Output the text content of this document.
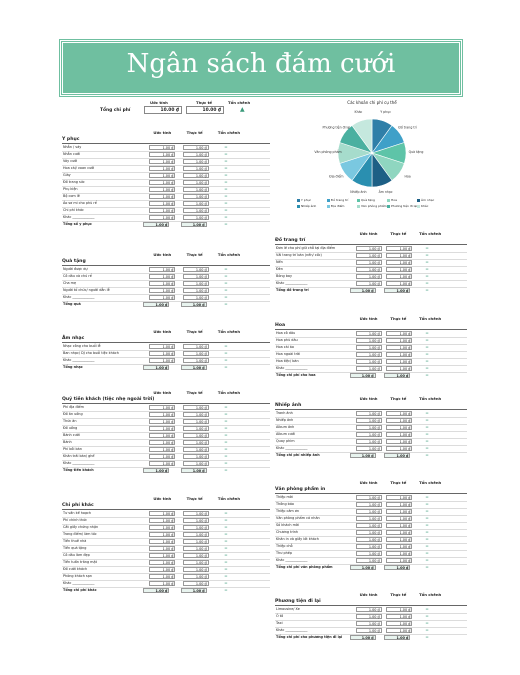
Ngân sách đám cưới
Ước tính	Thực tế	Tổn chênh
Tổng chi phí	10.00 ₫	10.00 ₫	▲
Các khoản chi phí cụ thể
Y phục
Đồ trang trí
Quà tặng
Hoa
Âm nhạc
Nhiếp ảnh
Địa điểm
Văn phòng phẩm
Phương tiện đi lại
Khác
Y phục	Đồ trang trí	Quà tặng	Hoa	Âm nhạc
Nhiếp ảnh	Địa điểm	Văn phòng phẩm	Phương tiện đi lại	Khác
Ước tính	Thực tế	Tổn chênh
Y phục
Nhẫn / váy	1.00 ₫	1.00 ₫	=
Nhẫn cưới	1.00 ₫	1.00 ₫	=
Váy cưới	1.00 ₫	1.00 ₫	=
Hoa cài/ voan cưới	1.00 ₫	1.00 ₫	=
Giày	1.00 ₫	1.00 ₫	=
Đồ trang sức	1.00 ₫	1.00 ₫	=
Phụ kiện	1.00 ₫	1.00 ₫	=
Bộ com lê	1.00 ₫	1.00 ₫	=
Áo sơ mi cho phù rể	1.00 ₫	1.00 ₫	=
Chi phí khác	1.00 ₫	1.00 ₫	=
Khác _____________	1.00 ₫	1.00 ₫	=
Tổng số y phục	1.00 ₫	1.00 ₫	=
Ước tính	Thực tế	Tổn chênh
Quà tặng
Người được dự	1.00 ₫	1.00 ₫	=
Cô dâu và chú rể	1.00 ₫	1.00 ₫	=
Cha mẹ	1.00 ₫	1.00 ₫	=
Người tổ chức/ người dẫn lễ	1.00 ₫	1.00 ₫	=
Khác _____________	1.00 ₫	1.00 ₫	=
Tổng quà	1.00 ₫	1.00 ₫	=
Ước tính	Thực tế	Tổn chênh
Âm nhạc
Nhạc công cho buổi lễ	1.00 ₫	1.00 ₫	=
Ban nhạc/ DJ cho buổi tiệc khách	1.00 ₫	1.00 ₫	=
Khác _____________	1.00 ₫	1.00 ₫	=
Tổng nhạc	1.00 ₫	1.00 ₫	=
Ước tính	Thực tế	Tổn chênh
Quỹ tiền khách (tiệc nhẹ ngoài trời)
Phí địa điểm	1.00 ₫	1.00 ₫	=
Đồ ăn uống	1.00 ₫	1.00 ₫	=
Thức ăn	1.00 ₫	1.00 ₫	=
Đồ uống	1.00 ₫	1.00 ₫	=
Bánh cưới	1.00 ₫	1.00 ₫	=
Bánh	1.00 ₫	1.00 ₫	=
Phí bồi bàn	1.00 ₫	1.00 ₫	=
Khăn trải bàn/ ghế	1.00 ₫	1.00 ₫	=
Khác _____________	1.00 ₫	1.00 ₫	=
Tổng tiền khách	1.00 ₫	1.00 ₫	=
Ước tính	Thực tế	Tổn chênh
Chi phí khác
Tư vấn kế hoạch	1.00 ₫	1.00 ₫	=
Phí chính thức	1.00 ₫	1.00 ₫	=
Cắt giấy chứng nhận	1.00 ₫	1.00 ₫	=
Trang điểm/ làm tóc	1.00 ₫	1.00 ₫	=
Tiền thuê nhà	1.00 ₫	1.00 ₫	=
Tiền quà tặng	1.00 ₫	1.00 ₫	=
Cô dâu làm đẹp	1.00 ₫	1.00 ₫	=
Tiền tuần trăng mật	1.00 ₫	1.00 ₫	=
Đồ cưới khách	1.00 ₫	1.00 ₫	=
Phòng khách sạn	1.00 ₫	1.00 ₫	=
Khác _____________	1.00 ₫	1.00 ₫	=
Tổng chi phí khác	1.00 ₫	1.00 ₫	=
Ước tính	Thực tế	Tổn chênh
Đồ trang trí
Đơn lẻ cho phí giữ chỗ tại địa điểm	1.00 ₫	1.00 ₫	=
Vải trang trí bàn (nến/ cốc)	1.00 ₫	1.00 ₫	=
Nến	1.00 ₫	1.00 ₫	=
Đèn	1.00 ₫	1.00 ₫	=
Bóng bay	1.00 ₫	1.00 ₫	=
Khác _____________	1.00 ₫	1.00 ₫	=
Tổng đồ trang trí	1.00 ₫	1.00 ₫	=
Ước tính	Thực tế	Tổn chênh
Hoa
Hoa cô dâu	1.00 ₫	1.00 ₫	=
Hoa phù dâu	1.00 ₫	1.00 ₫	=
Hoa cài áo	1.00 ₫	1.00 ₫	=
Hoa ngoài trời	1.00 ₫	1.00 ₫	=
Hoa tiệc/ bàn	1.00 ₫	1.00 ₫	=
Khác _____________	1.00 ₫	1.00 ₫	=
Tổng chi phí cho hoa	1.00 ₫	1.00 ₫	=
Ước tính	Thực tế	Tổn chênh
Nhiếp ảnh
Tranh ảnh	1.00 ₫	1.00 ₫	=
Nhiếp ảnh	1.00 ₫	1.00 ₫	=
Album ảnh	1.00 ₫	1.00 ₫	=
Album cưới	1.00 ₫	1.00 ₫	=
Quay phim	1.00 ₫	1.00 ₫	=
Khác _____________	1.00 ₫	1.00 ₫	=
Tổng chi phí nhiếp ảnh	1.00 ₫	1.00 ₫	=
Ước tính	Thực tế	Tổn chênh
Văn phòng phẩm in
Thiệp mời	1.00 ₫	1.00 ₫	=
Thông báo	1.00 ₫	1.00 ₫	=
Thiệp cảm ơn	1.00 ₫	1.00 ₫	=
Văn phòng phẩm cá nhân	1.00 ₫	1.00 ₫	=
Sổ khách mời	1.00 ₫	1.00 ₫	=
Chương trình	1.00 ₫	1.00 ₫	=
Khăn in và giấy lót khách	1.00 ₫	1.00 ₫	=
Thiệp chỗ	1.00 ₫	1.00 ₫	=
Thư phép	1.00 ₫	1.00 ₫	=
Khác _____________	1.00 ₫	1.00 ₫	=
Tổng chi phí văn phòng phẩm	1.00 ₫	1.00 ₫	=
Ước tính	Thực tế	Tổn chênh
Phương tiện đi lại
Limousine/ Xe	1.00 ₫	1.00 ₫	=
Ô tô	1.00 ₫	1.00 ₫	=
Taxi	1.00 ₫	1.00 ₫	=
Khác _____________	1.00 ₫	1.00 ₫	=
Tổng chi phí cho phương tiện đi lại	1.00 ₫	1.00 ₫	=
